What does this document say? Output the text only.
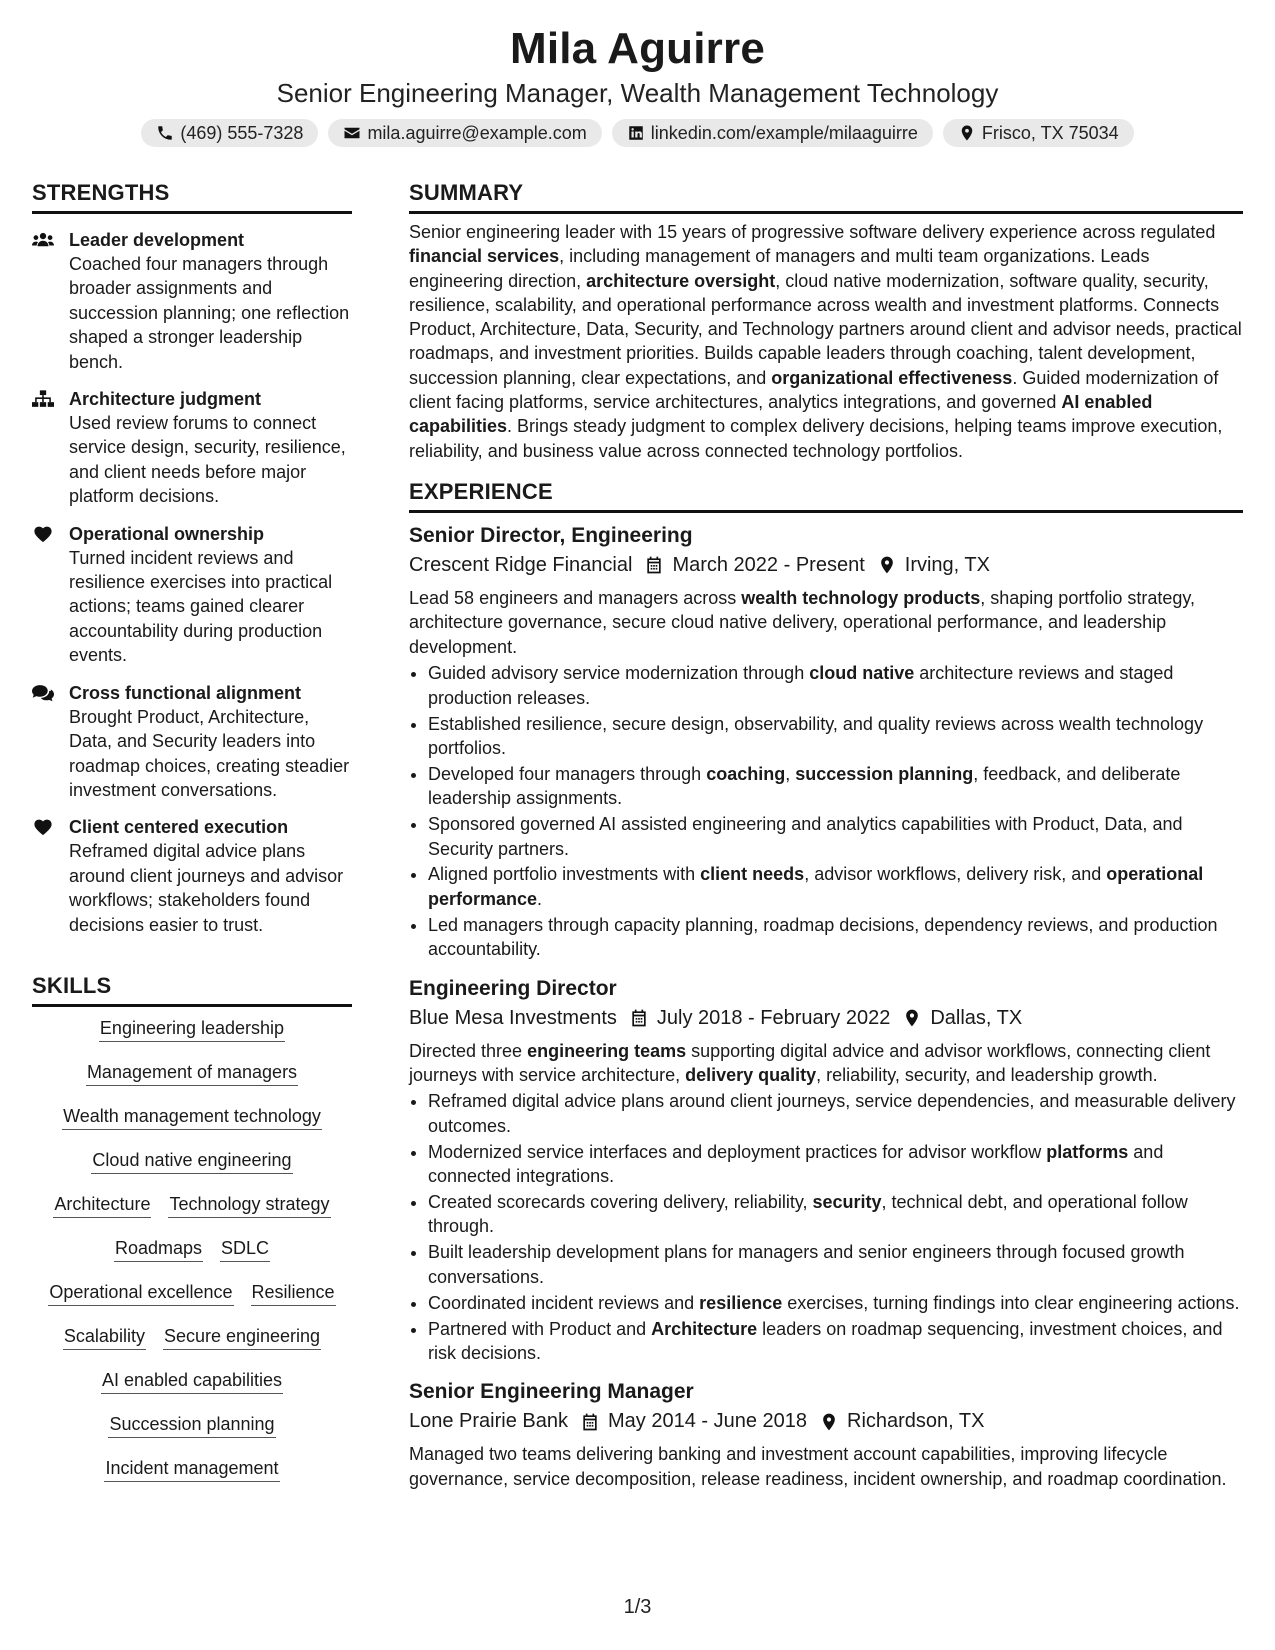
Mila Aguirre
Senior Engineering Manager, Wealth Management Technology
(469) 555-7328	mila.aguirre@example.com	linkedin.com/example/milaaguirre	Frisco, TX 75034
STRENGTHS
Leader development
Coached four managers through broader assignments and succession planning; one reflection shaped a stronger leadership bench.
Architecture judgment
Used review forums to connect service design, security, resilience, and client needs before major platform decisions.
Operational ownership
Turned incident reviews and resilience exercises into practical actions; teams gained clearer accountability during production events.
Cross functional alignment
Brought Product, Architecture, Data, and Security leaders into roadmap choices, creating steadier investment conversations.
Client centered execution
Reframed digital advice plans around client journeys and advisor workflows; stakeholders found decisions easier to trust.
SKILLS
Engineering leadership
Management of managers
Wealth management technology
Cloud native engineering
Architecture Technology strategy
Roadmaps SDLC
Operational excellence Resilience
Scalability Secure engineering
AI enabled capabilities
Succession planning
Incident management
SUMMARY
Senior engineering leader with 15 years of progressive software delivery experience across regulated financial services, including management of managers and multi team organizations. Leads engineering direction, architecture oversight, cloud native modernization, software quality, security, resilience, scalability, and operational performance across wealth and investment platforms. Connects Product, Architecture, Data, Security, and Technology partners around client and advisor needs, practical roadmaps, and investment priorities. Builds capable leaders through coaching, talent development, succession planning, clear expectations, and organizational effectiveness. Guided modernization of client facing platforms, service architectures, analytics integrations, and governed AI enabled capabilities. Brings steady judgment to complex delivery decisions, helping teams improve execution, reliability, and business value across connected technology portfolios.
EXPERIENCE
Senior Director, Engineering
Crescent Ridge Financial March 2022 - Present Irving, TX
Lead 58 engineers and managers across wealth technology products, shaping portfolio strategy, architecture governance, secure cloud native delivery, operational performance, and leadership development.
• Guided advisory service modernization through cloud native architecture reviews and staged production releases.
• Established resilience, secure design, observability, and quality reviews across wealth technology portfolios.
• Developed four managers through coaching, succession planning, feedback, and deliberate leadership assignments.
• Sponsored governed AI assisted engineering and analytics capabilities with Product, Data, and Security partners.
• Aligned portfolio investments with client needs, advisor workflows, delivery risk, and operational performance.
• Led managers through capacity planning, roadmap decisions, dependency reviews, and production accountability.
Engineering Director
Blue Mesa Investments July 2018 - February 2022 Dallas, TX
Directed three engineering teams supporting digital advice and advisor workflows, connecting client journeys with service architecture, delivery quality, reliability, security, and leadership growth.
• Reframed digital advice plans around client journeys, service dependencies, and measurable delivery outcomes.
• Modernized service interfaces and deployment practices for advisor workflow platforms and connected integrations.
• Created scorecards covering delivery, reliability, security, technical debt, and operational follow through.
• Built leadership development plans for managers and senior engineers through focused growth conversations.
• Coordinated incident reviews and resilience exercises, turning findings into clear engineering actions.
• Partnered with Product and Architecture leaders on roadmap sequencing, investment choices, and risk decisions.
Senior Engineering Manager
Lone Prairie Bank May 2014 - June 2018 Richardson, TX
Managed two teams delivering banking and investment account capabilities, improving lifecycle governance, service decomposition, release readiness, incident ownership, and roadmap coordination.
1/3
